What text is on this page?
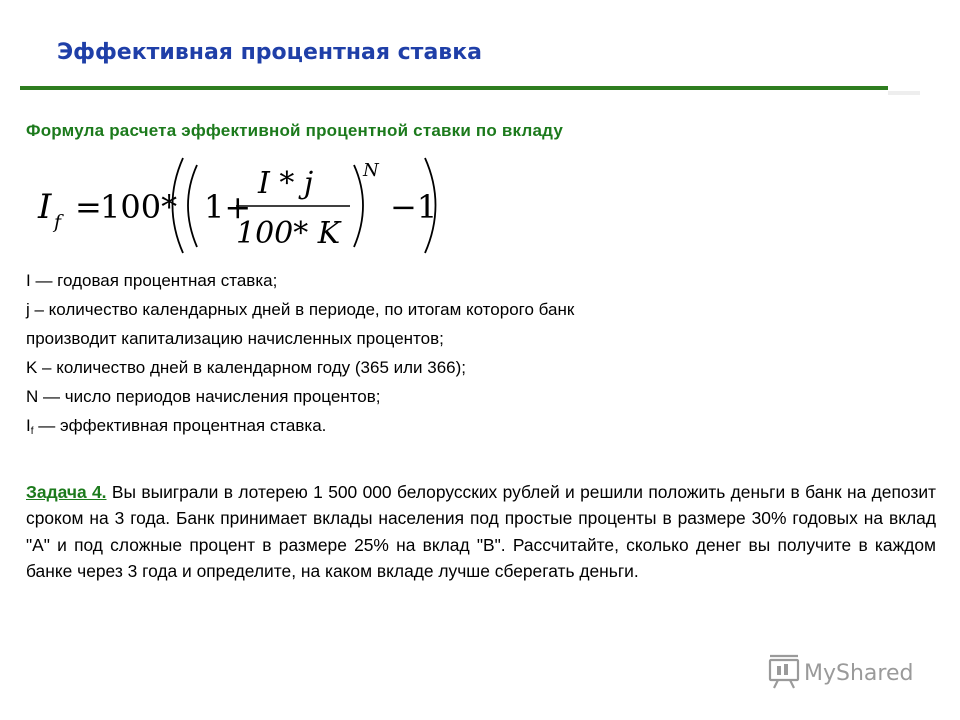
Эффективная процентная ставка
Формула расчета эффективной процентной ставки по вкладу
I f =
100* 1+
I * j
100* K
N
−1

I — годовая процентная ставка;

j – количество календарных дней в периоде, по итогам которого банк

производит капитализацию начисленных процентов;

K – количество дней в календарном году (365 или 366);

N — число периодов начисления процентов;

If — эффективная процентная ставка.

Задача 4. Вы выиграли в лотерею 1 500 000 белорусских рублей и решили положить деньги в банк на депозит сроком на 3 года. Банк принимает вклады населения под простые проценты в размере 30% годовых на вклад "A" и под сложные процент в размере 25% на вклад "B". Рассчитайте, сколько денег вы получите в каждом банке через 3 года и определите, на каком вкладе лучше сберегать деньги.
MyShared
